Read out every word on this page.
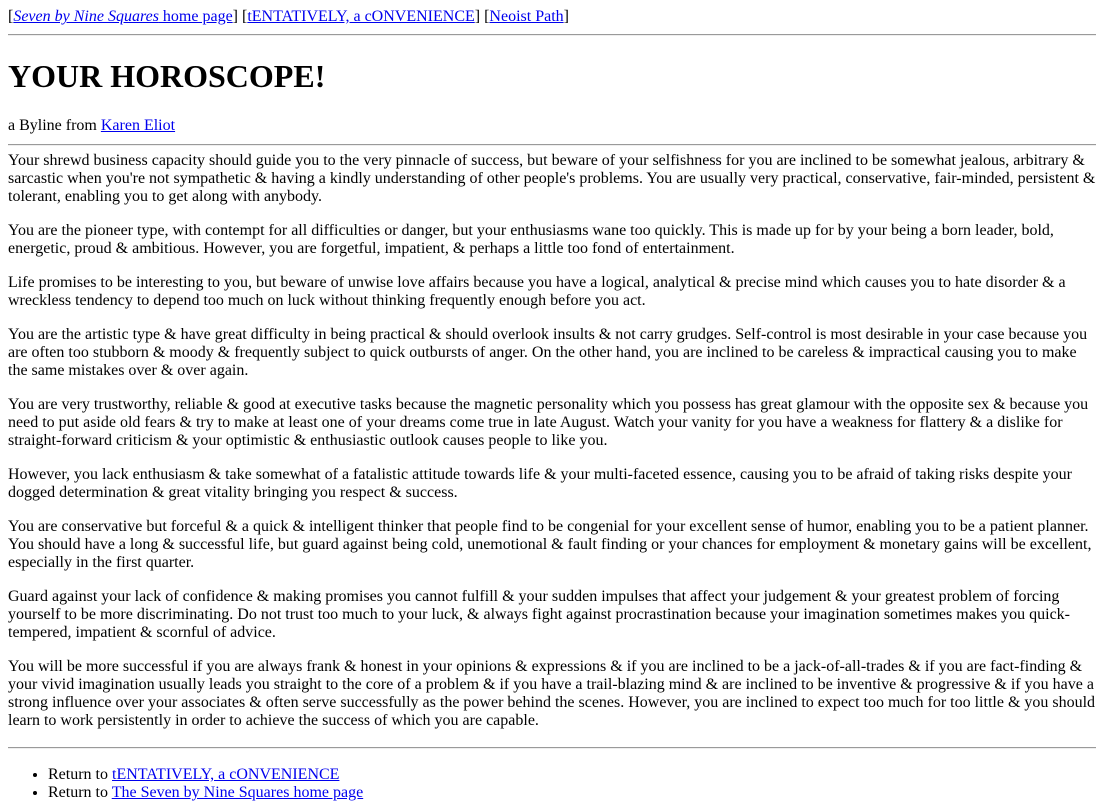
[Seven by Nine Squares home page] [tENTATIVELY, a cONVENIENCE] [Neoist Path]
YOUR HOROSCOPE!
a Byline from Karen Eliot

Your shrewd business capacity should guide you to the very pinnacle of success, but beware of your selfishness for you are inclined to be somewhat jealous, arbitrary & sarcastic when you're not sympathetic & having a kindly understanding of other people's problems. You are usually very practical, conservative, fair-minded, persistent & tolerant, enabling you to get along with anybody.

You are the pioneer type, with contempt for all difficulties or danger, but your enthusiasms wane too quickly. This is made up for by your being a born leader, bold, energetic, proud & ambitious. However, you are forgetful, impatient, & perhaps a little too fond of entertainment.

Life promises to be interesting to you, but beware of unwise love affairs because you have a logical, analytical & precise mind which causes you to hate disorder & a wreckless tendency to depend too much on luck without thinking frequently enough before you act.

You are the artistic type & have great difficulty in being practical & should overlook insults & not carry grudges. Self-control is most desirable in your case because you are often too stubborn & moody & frequently subject to quick outbursts of anger. On the other hand, you are inclined to be careless & impractical causing you to make the same mistakes over & over again.

You are very trustworthy, reliable & good at executive tasks because the magnetic personality which you possess has great glamour with the opposite sex & because you need to put aside old fears & try to make at least one of your dreams come true in late August. Watch your vanity for you have a weakness for flattery & a dislike for straight-forward criticism & your optimistic & enthusiastic outlook causes people to like you.

However, you lack enthusiasm & take somewhat of a fatalistic attitude towards life & your multi-faceted essence, causing you to be afraid of taking risks despite your dogged determination & great vitality bringing you respect & success.

You are conservative but forceful & a quick & intelligent thinker that people find to be congenial for your excellent sense of humor, enabling you to be a patient planner. You should have a long & successful life, but guard against being cold, unemotional & fault finding or your chances for employment & monetary gains will be excellent, especially in the first quarter.

Guard against your lack of confidence & making promises you cannot fulfill & your sudden impulses that affect your judgement & your greatest problem of forcing yourself to be more discriminating. Do not trust too much to your luck, & always fight against procrastination because your imagination sometimes makes you quick-tempered, impatient & scornful of advice.

You will be more successful if you are always frank & honest in your opinions & expressions & if you are inclined to be a jack-of-all-trades & if you are fact-finding & your vivid imagination usually leads you straight to the core of a problem & if you have a trail-blazing mind & are inclined to be inventive & progressive & if you have a strong influence over your associates & often serve successfully as the power behind the scenes. However, you are inclined to expect too much for too little & you should learn to work persistently in order to achieve the success of which you are capable.

• Return to tENTATIVELY, a cONVENIENCE
• Return to The Seven by Nine Squares home page
